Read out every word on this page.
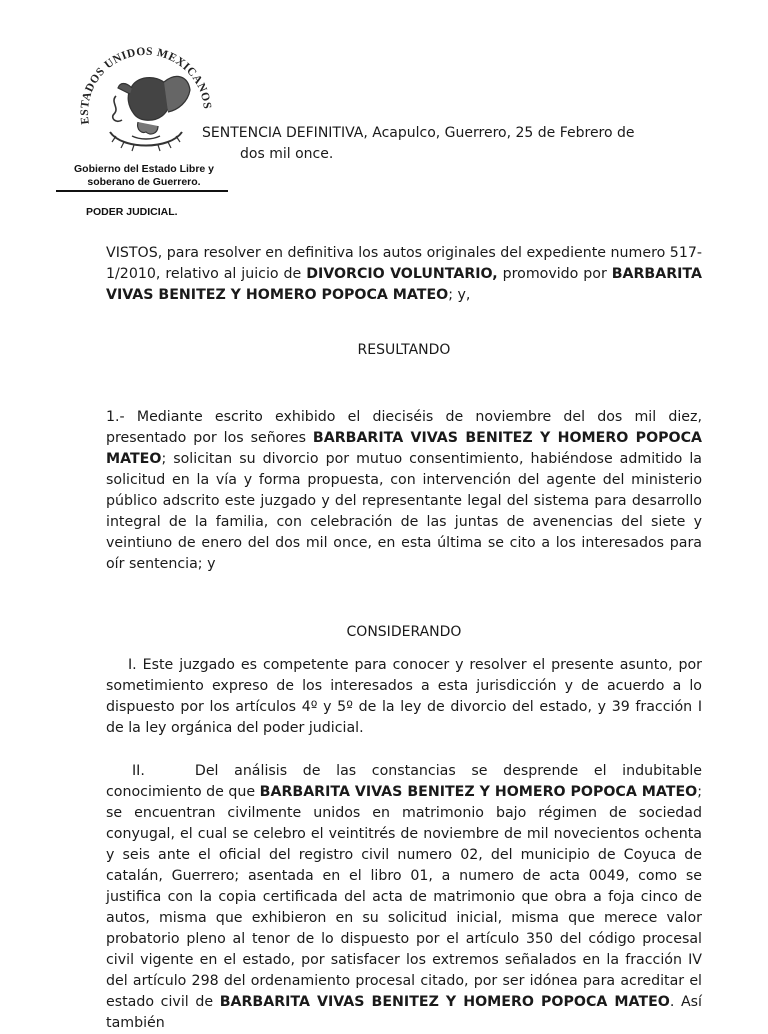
ESTADOS UNIDOS MEXICANOS
Gobierno del Estado Libre y
soberano de Guerrero.
PODER JUDICIAL.
SENTENCIA DEFINITIVA, Acapulco, Guerrero, 25 de Febrero de
dos mil once.
VISTOS, para resolver en definitiva los autos originales del expediente numero 517-1/2010, relativo al juicio de DIVORCIO VOLUNTARIO, promovido por BARBARITA VIVAS BENITEZ Y HOMERO POPOCA MATEO; y,
RESULTANDO
1.- Mediante escrito exhibido el dieciséis de noviembre del dos mil diez, presentado por los señores BARBARITA VIVAS BENITEZ Y HOMERO POPOCA MATEO; solicitan su divorcio por mutuo consentimiento, habiéndose admitido la solicitud en la vía y forma propuesta, con intervención del agente del ministerio público adscrito este juzgado y del representante legal del sistema para desarrollo integral de la familia, con celebración de las juntas de avenencias del siete y veintiuno de enero del dos mil once, en esta última se cito a los interesados para oír sentencia; y
CONSIDERANDO
I. Este juzgado es competente para conocer y resolver el presente asunto, por sometimiento expreso de los interesados a esta jurisdicción y de acuerdo a lo dispuesto por los artículos 4º y 5º de la ley de divorcio del estado, y 39 fracción I de la ley orgánica del poder judicial.
II.	Del análisis de las constancias se desprende el indubitable conocimiento de que BARBARITA VIVAS BENITEZ Y HOMERO POPOCA MATEO; se encuentran civilmente unidos en matrimonio bajo régimen de sociedad conyugal, el cual se celebro el veintitrés de noviembre de mil novecientos ochenta y seis ante el oficial del registro civil numero 02, del municipio de Coyuca de catalán, Guerrero; asentada en el libro 01, a numero de acta 0049, como se justifica con la copia certificada del acta de matrimonio que obra a foja cinco de autos, misma que exhibieron en su solicitud inicial, misma que merece valor probatorio pleno al tenor de lo dispuesto por el artículo 350 del código procesal civil vigente en el estado, por satisfacer los extremos señalados en la fracción IV del artículo 298 del ordenamiento procesal citado, por ser idónea para acreditar el estado civil de BARBARITA VIVAS BENITEZ Y HOMERO POPOCA MATEO. Así también
